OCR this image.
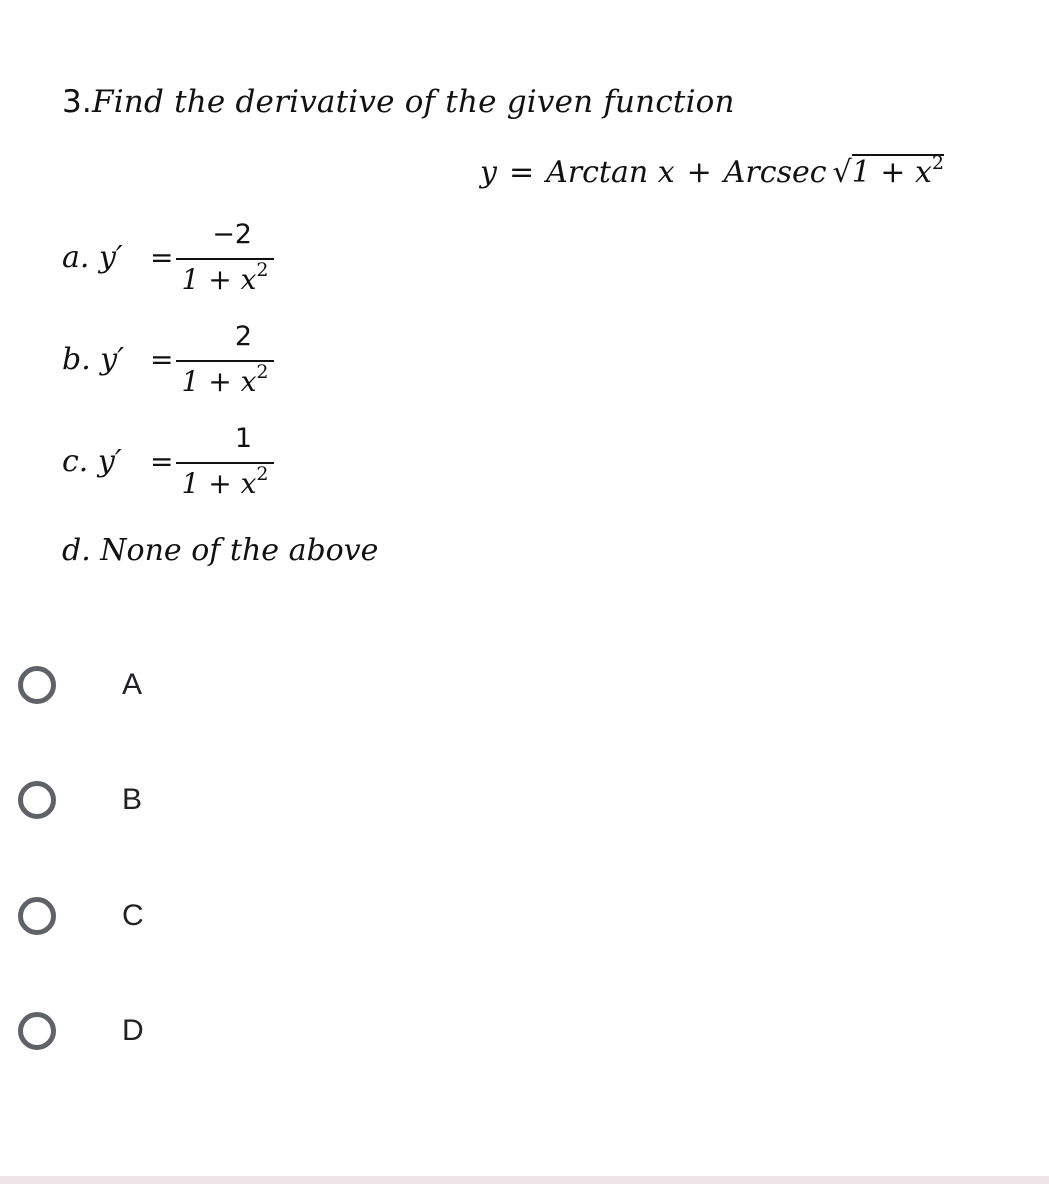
3.Find the derivative of the given function
y = Arctan x + Arcsec √ $1 + x^2$
a. $y' = \frac{-2}{1 + x^2}$
b. $y' = \frac{2}{1 + x^2}$
c. y′	= $\frac{1}{1 + x^2}$
d. None of the above
A
B
C
D
